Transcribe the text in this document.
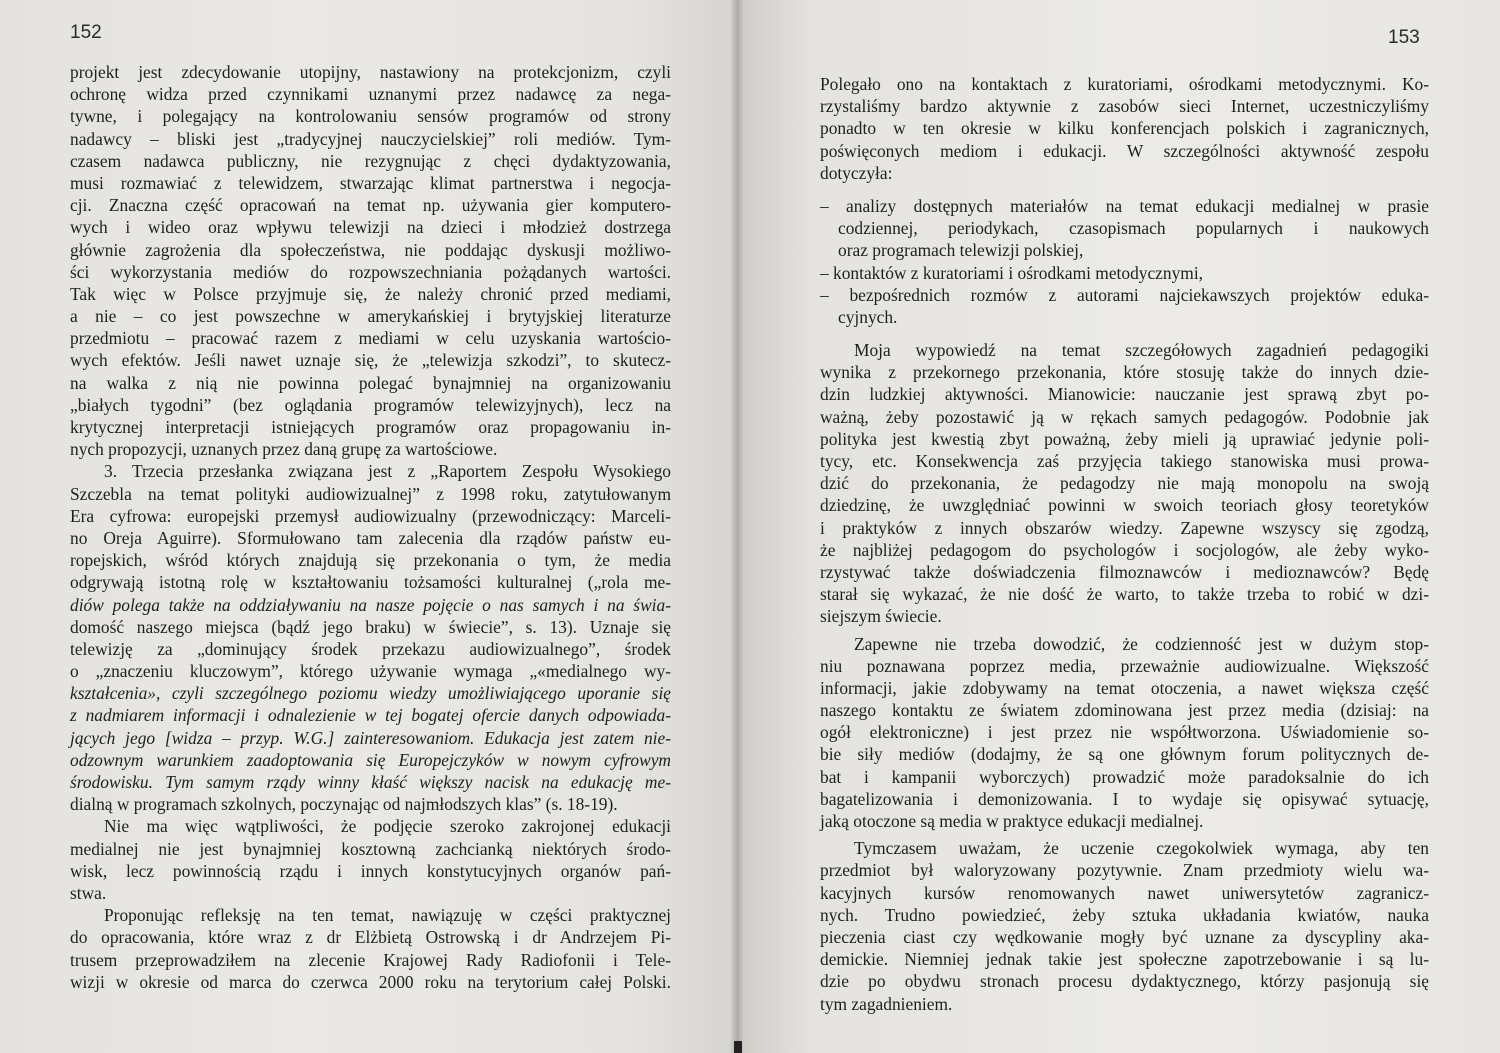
152
projekt jest zdecydowanie utopijny, nastawiony na protekcjonizm, czyli
ochronę widza przed czynnikami uznanymi przez nadawcę za nega-
tywne, i polegający na kontrolowaniu sensów programów od strony
nadawcy – bliski jest „tradycyjnej nauczycielskiej” roli mediów. Tym-
czasem nadawca publiczny, nie rezygnując z chęci dydaktyzowania,
musi rozmawiać z telewidzem, stwarzając klimat partnerstwa i negocja-
cji. Znaczna część opracowań na temat np. używania gier komputero-
wych i wideo oraz wpływu telewizji na dzieci i młodzież dostrzega
głównie zagrożenia dla społeczeństwa, nie poddając dyskusji możliwo-
ści wykorzystania mediów do rozpowszechniania pożądanych wartości.
Tak więc w Polsce przyjmuje się, że należy chronić przed mediami,
a nie – co jest powszechne w amerykańskiej i brytyjskiej literaturze
przedmiotu – pracować razem z mediami w celu uzyskania wartościo-
wych efektów. Jeśli nawet uznaje się, że „telewizja szkodzi”, to skutecz-
na walka z nią nie powinna polegać bynajmniej na organizowaniu
„białych tygodni” (bez oglądania programów telewizyjnych), lecz na
krytycznej interpretacji istniejących programów oraz propagowaniu in-
nych propozycji, uznanych przez daną grupę za wartościowe.
3. Trzecia przesłanka związana jest z „Raportem Zespołu Wysokiego
Szczebla na temat polityki audiowizualnej” z 1998 roku, zatytułowanym
Era cyfrowa: europejski przemysł audiowizualny (przewodniczący: Marceli-
no Oreja Aguirre). Sformułowano tam zalecenia dla rządów państw eu-
ropejskich, wśród których znajdują się przekonania o tym, że media
odgrywają istotną rolę w kształtowaniu tożsamości kulturalnej („rola me-
diów polega także na oddziaływaniu na nasze pojęcie o nas samych i na świa-
domość naszego miejsca (bądź jego braku) w świecie”, s. 13). Uznaje się
telewizję za „dominujący środek przekazu audiowizualnego”, środek
o „znaczeniu kluczowym”, którego używanie wymaga „«medialnego wy-
kształcenia», czyli szczególnego poziomu wiedzy umożliwiającego uporanie się
z nadmiarem informacji i odnalezienie w tej bogatej ofercie danych odpowiada-
jących jego [widza – przyp. W.G.] zainteresowaniom. Edukacja jest zatem nie-
odzownym warunkiem zaadoptowania się Europejczyków w nowym cyfrowym
środowisku. Tym samym rządy winny kłaść większy nacisk na edukację me-
dialną w programach szkolnych, poczynając od najmłodszych klas” (s. 18-19).
Nie ma więc wątpliwości, że podjęcie szeroko zakrojonej edukacji
medialnej nie jest bynajmniej kosztowną zachcianką niektórych środo-
wisk, lecz powinnością rządu i innych konstytucyjnych organów pań-
stwa.
Proponując refleksję na ten temat, nawiązuję w części praktycznej
do opracowania, które wraz z dr Elżbietą Ostrowską i dr Andrzejem Pi-
trusem przeprowadziłem na zlecenie Krajowej Rady Radiofonii i Tele-
wizji w okresie od marca do czerwca 2000 roku na terytorium całej Polski.
153
Polegało ono na kontaktach z kuratoriami, ośrodkami metodycznymi. Ko-
rzystaliśmy bardzo aktywnie z zasobów sieci Internet, uczestniczyliśmy
ponadto w ten okresie w kilku konferencjach polskich i zagranicznych,
poświęconych mediom i edukacji. W szczególności aktywność zespołu
dotyczyła:
– analizy dostępnych materiałów na temat edukacji medialnej w prasie
codziennej, periodykach, czasopismach popularnych i naukowych
oraz programach telewizji polskiej,
– kontaktów z kuratoriami i ośrodkami metodycznymi,
– bezpośrednich rozmów z autorami najciekawszych projektów eduka-
cyjnych.
Moja wypowiedź na temat szczegółowych zagadnień pedagogiki
wynika z przekornego przekonania, które stosuję także do innych dzie-
dzin ludzkiej aktywności. Mianowicie: nauczanie jest sprawą zbyt po-
ważną, żeby pozostawić ją w rękach samych pedagogów. Podobnie jak
polityka jest kwestią zbyt poważną, żeby mieli ją uprawiać jedynie poli-
tycy, etc. Konsekwencja zaś przyjęcia takiego stanowiska musi prowa-
dzić do przekonania, że pedagodzy nie mają monopolu na swoją
dziedzinę, że uwzględniać powinni w swoich teoriach głosy teoretyków
i praktyków z innych obszarów wiedzy. Zapewne wszyscy się zgodzą,
że najbliżej pedagogom do psychologów i socjologów, ale żeby wyko-
rzystywać także doświadczenia filmoznawców i medioznawców? Będę
starał się wykazać, że nie dość że warto, to także trzeba to robić w dzi-
siejszym świecie.
Zapewne nie trzeba dowodzić, że codzienność jest w dużym stop-
niu poznawana poprzez media, przeważnie audiowizualne. Większość
informacji, jakie zdobywamy na temat otoczenia, a nawet większa część
naszego kontaktu ze światem zdominowana jest przez media (dzisiaj: na
ogół elektroniczne) i jest przez nie współtworzona. Uświadomienie so-
bie siły mediów (dodajmy, że są one głównym forum politycznych de-
bat i kampanii wyborczych) prowadzić może paradoksalnie do ich
bagatelizowania i demonizowania. I to wydaje się opisywać sytuację,
jaką otoczone są media w praktyce edukacji medialnej.
Tymczasem uważam, że uczenie czegokolwiek wymaga, aby ten
przedmiot był waloryzowany pozytywnie. Znam przedmioty wielu wa-
kacyjnych kursów renomowanych nawet uniwersytetów zagranicz-
nych. Trudno powiedzieć, żeby sztuka układania kwiatów, nauka
pieczenia ciast czy wędkowanie mogły być uznane za dyscypliny aka-
demickie. Niemniej jednak takie jest społeczne zapotrzebowanie i są lu-
dzie po obydwu stronach procesu dydaktycznego, którzy pasjonują się
tym zagadnieniem.
